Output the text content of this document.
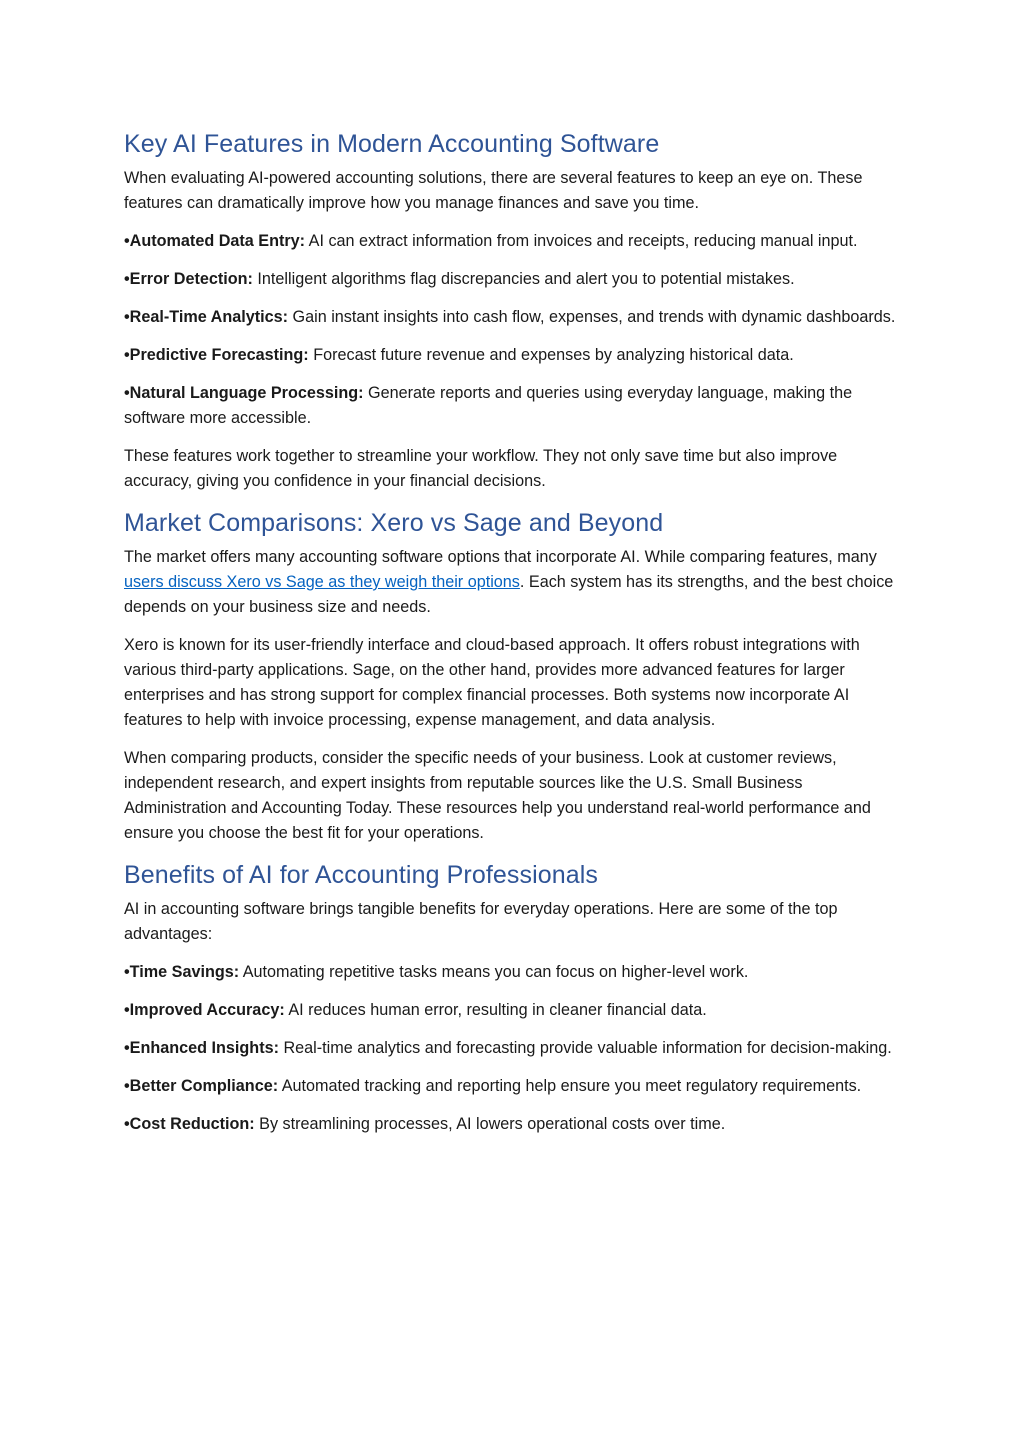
Key AI Features in Modern Accounting Software

When evaluating AI-powered accounting solutions, there are several features to keep an eye on. These features can dramatically improve how you manage finances and save you time.

•Automated Data Entry: AI can extract information from invoices and receipts, reducing manual input.
•Error Detection: Intelligent algorithms flag discrepancies and alert you to potential mistakes.
•Real-Time Analytics: Gain instant insights into cash flow, expenses, and trends with dynamic dashboards.
•Predictive Forecasting: Forecast future revenue and expenses by analyzing historical data.
•Natural Language Processing: Generate reports and queries using everyday language, making the software more accessible.

These features work together to streamline your workflow. They not only save time but also improve accuracy, giving you confidence in your financial decisions.

Market Comparisons: Xero vs Sage and Beyond

The market offers many accounting software options that incorporate AI. While comparing features, many users discuss Xero vs Sage as they weigh their options. Each system has its strengths, and the best choice depends on your business size and needs.

Xero is known for its user-friendly interface and cloud-based approach. It offers robust integrations with various third-party applications. Sage, on the other hand, provides more advanced features for larger enterprises and has strong support for complex financial processes. Both systems now incorporate AI features to help with invoice processing, expense management, and data analysis.

When comparing products, consider the specific needs of your business. Look at customer reviews, independent research, and expert insights from reputable sources like the U.S. Small Business Administration and Accounting Today. These resources help you understand real-world performance and ensure you choose the best fit for your operations.

Benefits of AI for Accounting Professionals

AI in accounting software brings tangible benefits for everyday operations. Here are some of the top advantages:

•Time Savings: Automating repetitive tasks means you can focus on higher-level work.
•Improved Accuracy: AI reduces human error, resulting in cleaner financial data.
•Enhanced Insights: Real-time analytics and forecasting provide valuable information for decision-making.
•Better Compliance: Automated tracking and reporting help ensure you meet regulatory requirements.
•Cost Reduction: By streamlining processes, AI lowers operational costs over time.
